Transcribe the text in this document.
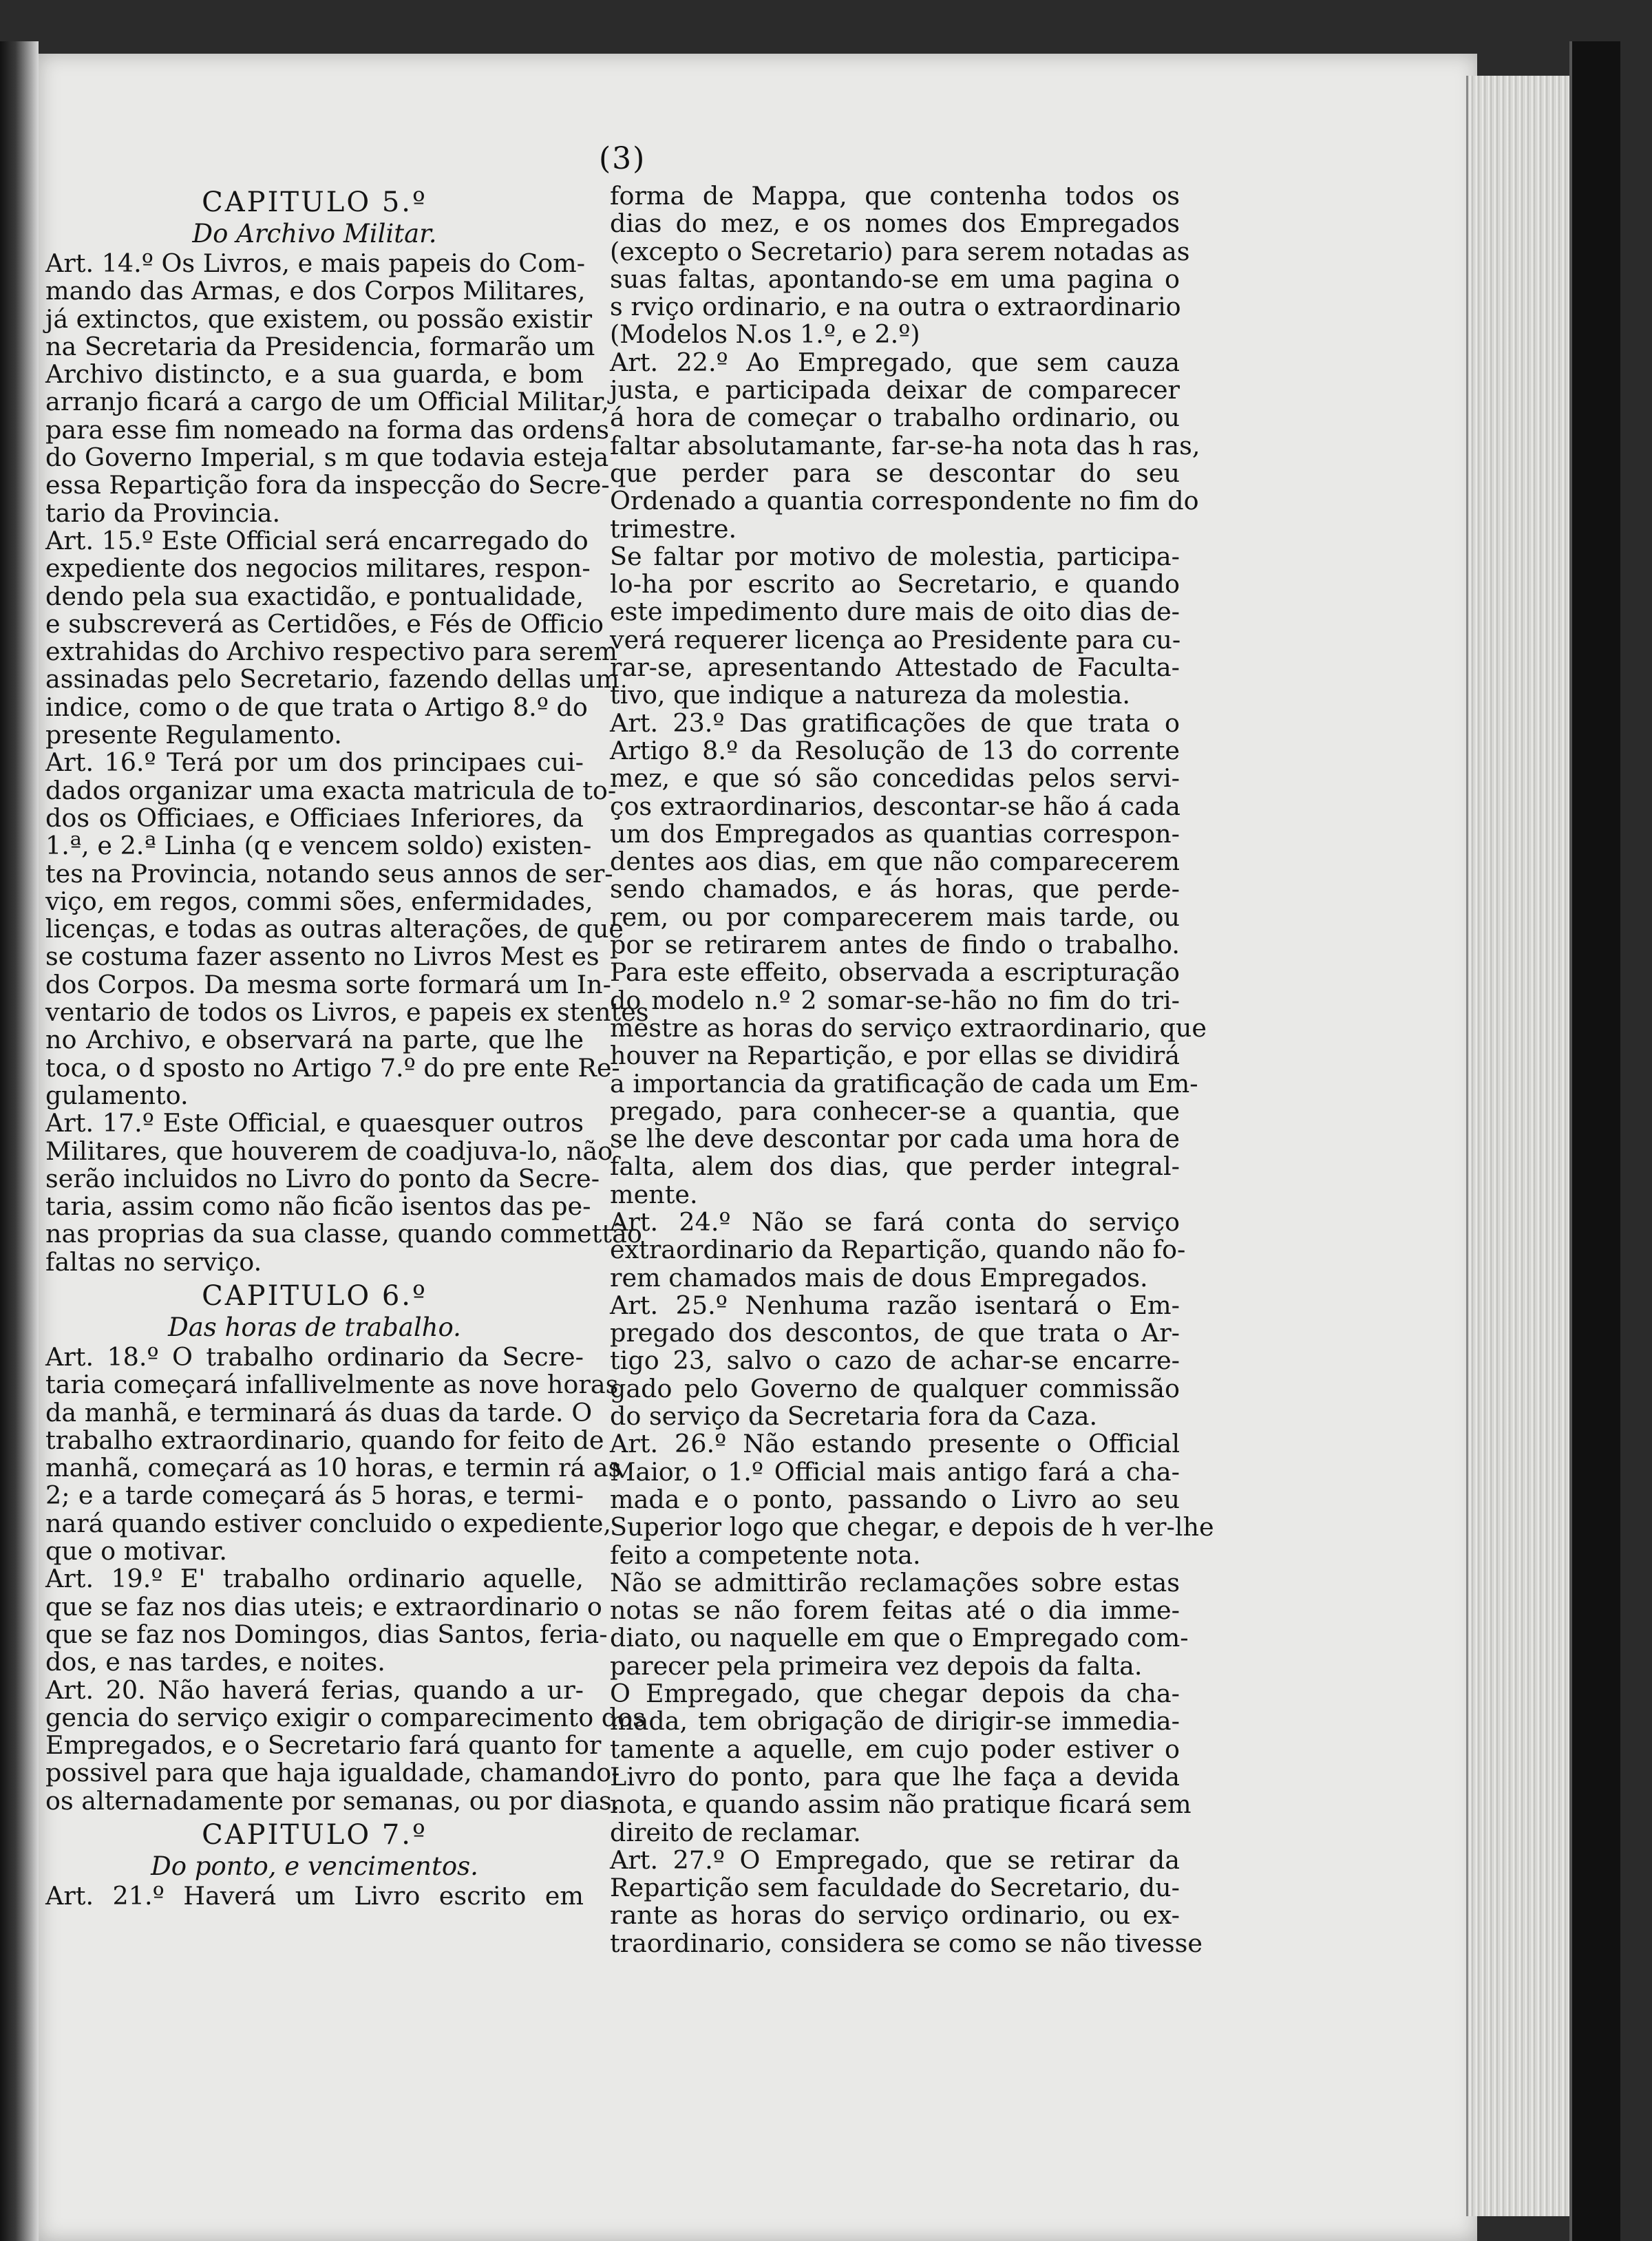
(3)
CAPITULO 5.º
Do Archivo Militar.
Art. 14.º Os Livros, e mais papeis do Com-
mando das Armas, e dos Corpos Militares,
já extinctos, que existem, ou possão existir
na Secretaria da Presidencia, formarão um
Archivo distincto, e a sua guarda, e bom
arranjo ficará a cargo de um Official Militar,
para esse fim nomeado na forma das ordens
do Governo Imperial, s m que todavia esteja
essa Repartição fora da inspecção do Secre-
tario da Provincia.
Art. 15.º Este Official será encarregado do
expediente dos negocios militares, respon-
dendo pela sua exactidão, e pontualidade,
e subscreverá as Certidões, e Fés de Officio
extrahidas do Archivo respectivo para serem
assinadas pelo Secretario, fazendo dellas um
indice, como o de que trata o Artigo 8.º do
presente Regulamento.
Art. 16.º Terá por um dos principaes cui-
dados organizar uma exacta matricula de to-
dos os Officiaes, e Officiaes Inferiores, da
1.ª, e 2.ª Linha (q e vencem soldo) existen-
tes na Provincia, notando seus annos de ser-
viço, em regos, commi sões, enfermidades,
licenças, e todas as outras alterações, de que
se costuma fazer assento no Livros Mest es
dos Corpos. Da mesma sorte formará um In-
ventario de todos os Livros, e papeis ex stentes
no Archivo, e observará na parte, que lhe
toca, o d sposto no Artigo 7.º do pre ente Re-
gulamento.
Art. 17.º Este Official, e quaesquer outros
Militares, que houverem de coadjuva-lo, não
serão incluidos no Livro do ponto da Secre-
taria, assim como não ficão isentos das pe-
nas proprias da sua classe, quando commettão
faltas no serviço.
CAPITULO 6.º
Das horas de trabalho.
Art. 18.º O trabalho ordinario da Secre-
taria começará infallivelmente as nove horas
da manhã, e terminará ás duas da tarde. O
trabalho extraordinario, quando for feito de
manhã, começará as 10 horas, e termin rá as
2; e a tarde começará ás 5 horas, e termi-
nará quando estiver concluido o expediente,
que o motivar.
Art. 19.º E' trabalho ordinario aquelle,
que se faz nos dias uteis; e extraordinario o
que se faz nos Domingos, dias Santos, feria-
dos, e nas tardes, e noites.
Art. 20. Não haverá ferias, quando a ur-
gencia do serviço exigir o comparecimento dos
Empregados, e o Secretario fará quanto for
possivel para que haja igualdade, chamando-
os alternadamente por semanas, ou por dias.
CAPITULO 7.º
Do ponto, e vencimentos.
Art. 21.º Haverá um Livro escrito em
forma de Mappa, que contenha todos os
dias do mez, e os nomes dos Empregados
(excepto o Secretario) para serem notadas as
suas faltas, apontando-se em uma pagina o
s rviço ordinario, e na outra o extraordinario
(Modelos N.os 1.º, e 2.º)
Art. 22.º Ao Empregado, que sem cauza
justa, e participada deixar de comparecer
á hora de começar o trabalho ordinario, ou
faltar absolutamante, far-se-ha nota das h ras,
que perder para se descontar do seu
Ordenado a quantia correspondente no fim do
trimestre.
Se faltar por motivo de molestia, participa-
lo-ha por escrito ao Secretario, e quando
este impedimento dure mais de oito dias de-
verá requerer licença ao Presidente para cu-
rar-se, apresentando Attestado de Faculta-
tivo, que indique a natureza da molestia.
Art. 23.º Das gratificações de que trata o
Artigo 8.º da Resolução de 13 do corrente
mez, e que só são concedidas pelos servi-
ços extraordinarios, descontar-se hão á cada
um dos Empregados as quantias correspon-
dentes aos dias, em que não comparecerem
sendo chamados, e ás horas, que perde-
rem, ou por comparecerem mais tarde, ou
por se retirarem antes de findo o trabalho.
Para este effeito, observada a escripturação
do modelo n.º 2 somar-se-hão no fim do tri-
mestre as horas do serviço extraordinario, que
houver na Repartição, e por ellas se dividirá
a importancia da gratificação de cada um Em-
pregado, para conhecer-se a quantia, que
se lhe deve descontar por cada uma hora de
falta, alem dos dias, que perder integral-
mente.
Art. 24.º Não se fará conta do serviço
extraordinario da Repartição, quando não fo-
rem chamados mais de dous Empregados.
Art. 25.º Nenhuma razão isentará o Em-
pregado dos descontos, de que trata o Ar-
tigo 23, salvo o cazo de achar-se encarre-
gado pelo Governo de qualquer commissão
do serviço da Secretaria fora da Caza.
Art. 26.º Não estando presente o Official
Maior, o 1.º Official mais antigo fará a cha-
mada e o ponto, passando o Livro ao seu
Superior logo que chegar, e depois de h ver-lhe
feito a competente nota.
Não se admittirão reclamações sobre estas
notas se não forem feitas até o dia imme-
diato, ou naquelle em que o Empregado com-
parecer pela primeira vez depois da falta.
O Empregado, que chegar depois da cha-
mada, tem obrigação de dirigir-se immedia-
tamente a aquelle, em cujo poder estiver o
Livro do ponto, para que lhe faça a devida
nota, e quando assim não pratique ficará sem
direito de reclamar.
Art. 27.º O Empregado, que se retirar da
Repartição sem faculdade do Secretario, du-
rante as horas do serviço ordinario, ou ex-
traordinario, considera se como se não tivesse
